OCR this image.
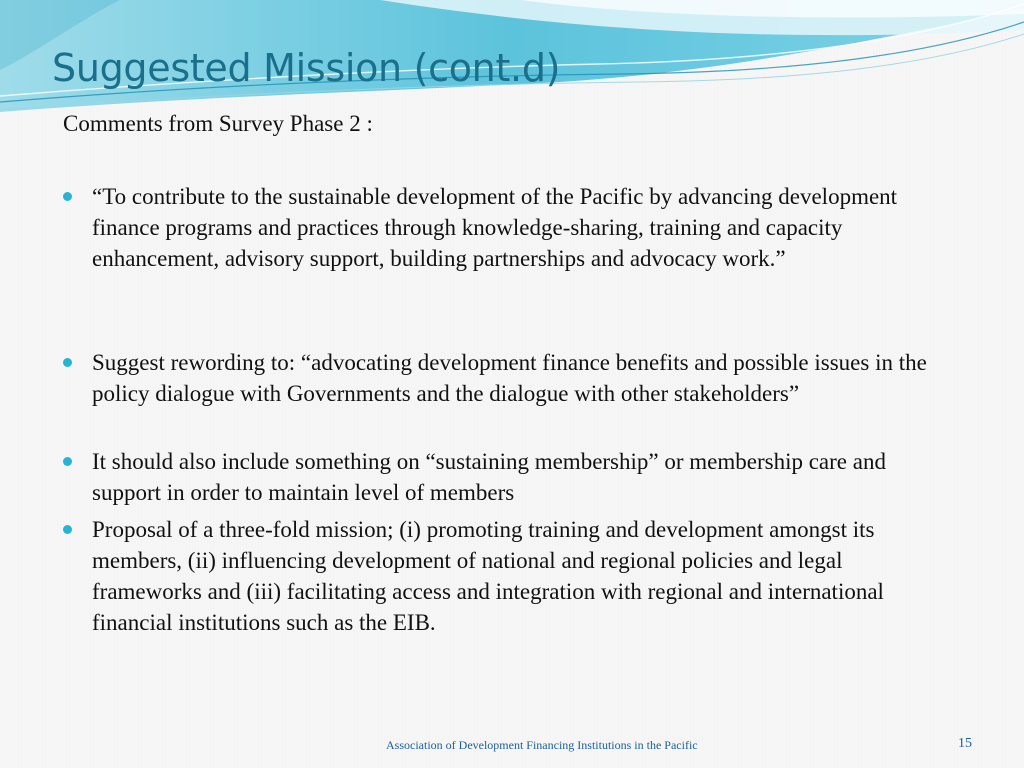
Suggested Mission (cont.d)
Comments from Survey Phase 2 :
“To contribute to the sustainable development of the Pacific by advancing development finance programs and practices through knowledge-sharing, training and capacity enhancement, advisory support, building partnerships and advocacy work.”
Suggest rewording to: “advocating development finance benefits and possible issues in the policy dialogue with Governments and the dialogue with other stakeholders”
It should also include something on “sustaining membership” or membership care and support in order to maintain level of members
Proposal of a three-fold mission; (i) promoting training and development amongst its members, (ii) influencing development of national and regional policies and legal frameworks and (iii) facilitating access and integration with regional and international financial institutions such as the EIB.
Association of Development Financing Institutions in the Pacific	15
